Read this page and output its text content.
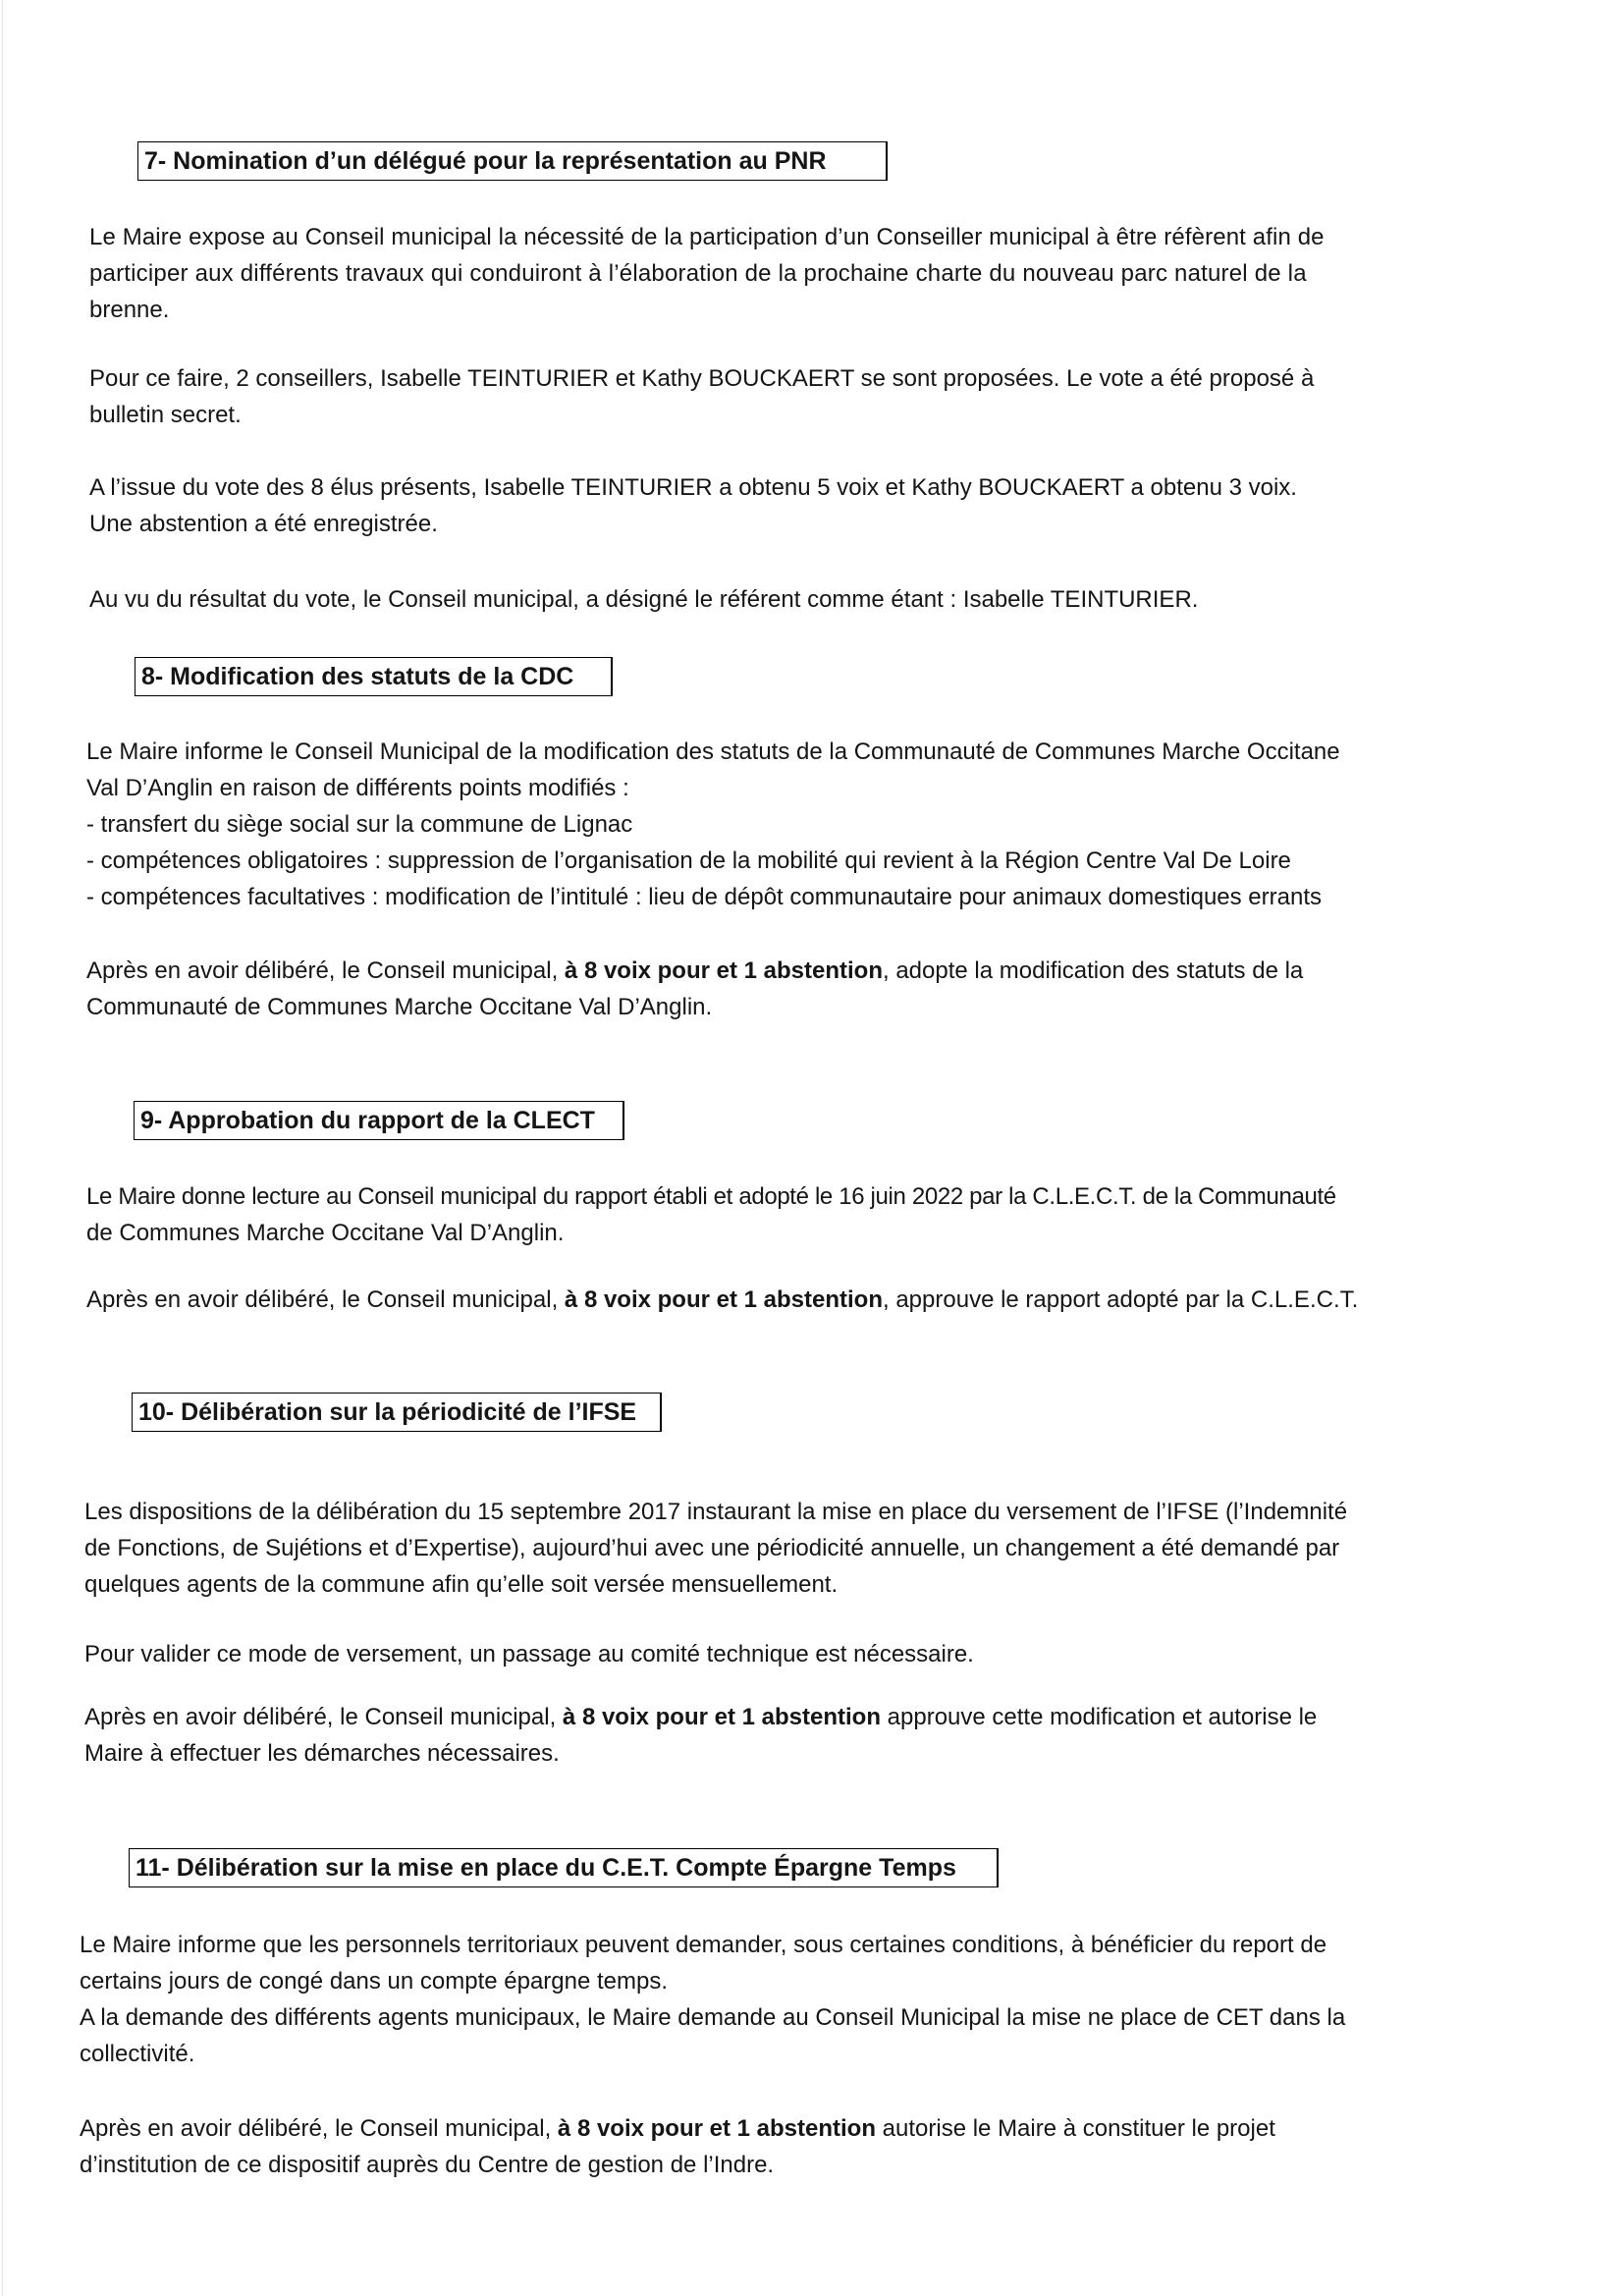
7- Nomination d’un délégué pour la représentation au PNR
Le Maire expose au Conseil municipal la nécessité de la participation d’un Conseiller municipal à être réfèrent afin de
participer aux différents travaux qui conduiront à l’élaboration de la prochaine charte du nouveau parc naturel de la
brenne.
Pour ce faire, 2 conseillers, Isabelle TEINTURIER et Kathy BOUCKAERT se sont proposées. Le vote a été proposé à
bulletin secret.
A l’issue du vote des 8 élus présents, Isabelle TEINTURIER a obtenu 5 voix et Kathy BOUCKAERT a obtenu 3 voix.
Une abstention a été enregistrée.
Au vu du résultat du vote, le Conseil municipal, a désigné le référent comme étant : Isabelle TEINTURIER.
8- Modification des statuts de la CDC
Le Maire informe le Conseil Municipal de la modification des statuts de la Communauté de Communes Marche Occitane
Val D’Anglin en raison de différents points modifiés :
- transfert du siège social sur la commune de Lignac
- compétences obligatoires : suppression de l’organisation de la mobilité qui revient à la Région Centre Val De Loire
- compétences facultatives : modification de l’intitulé : lieu de dépôt communautaire pour animaux domestiques errants
Après en avoir délibéré, le Conseil municipal, à 8 voix pour et 1 abstention, adopte la modification des statuts de la
Communauté de Communes Marche Occitane Val D’Anglin.
9- Approbation du rapport de la CLECT
Le Maire donne lecture au Conseil municipal du rapport établi et adopté le 16 juin 2022 par la C.L.E.C.T. de la Communauté
de Communes Marche Occitane Val D’Anglin.
Après en avoir délibéré, le Conseil municipal, à 8 voix pour et 1 abstention, approuve le rapport adopté par la C.L.E.C.T.
10- Délibération sur la périodicité de l’IFSE
Les dispositions de la délibération du 15 septembre 2017 instaurant la mise en place du versement de l’IFSE (l’Indemnité
de Fonctions, de Sujétions et d’Expertise), aujourd’hui avec une périodicité annuelle, un changement a été demandé par
quelques agents de la commune afin qu’elle soit versée mensuellement.
Pour valider ce mode de versement, un passage au comité technique est nécessaire.
Après en avoir délibéré, le Conseil municipal, à 8 voix pour et 1 abstention approuve cette modification et autorise le
Maire à effectuer les démarches nécessaires.
11- Délibération sur la mise en place du C.E.T. Compte Épargne Temps
Le Maire informe que les personnels territoriaux peuvent demander, sous certaines conditions, à bénéficier du report de
certains jours de congé dans un compte épargne temps.
A la demande des différents agents municipaux, le Maire demande au Conseil Municipal la mise ne place de CET dans la
collectivité.
Après en avoir délibéré, le Conseil municipal, à 8 voix pour et 1 abstention autorise le Maire à constituer le projet
d’institution de ce dispositif auprès du Centre de gestion de l’Indre.
